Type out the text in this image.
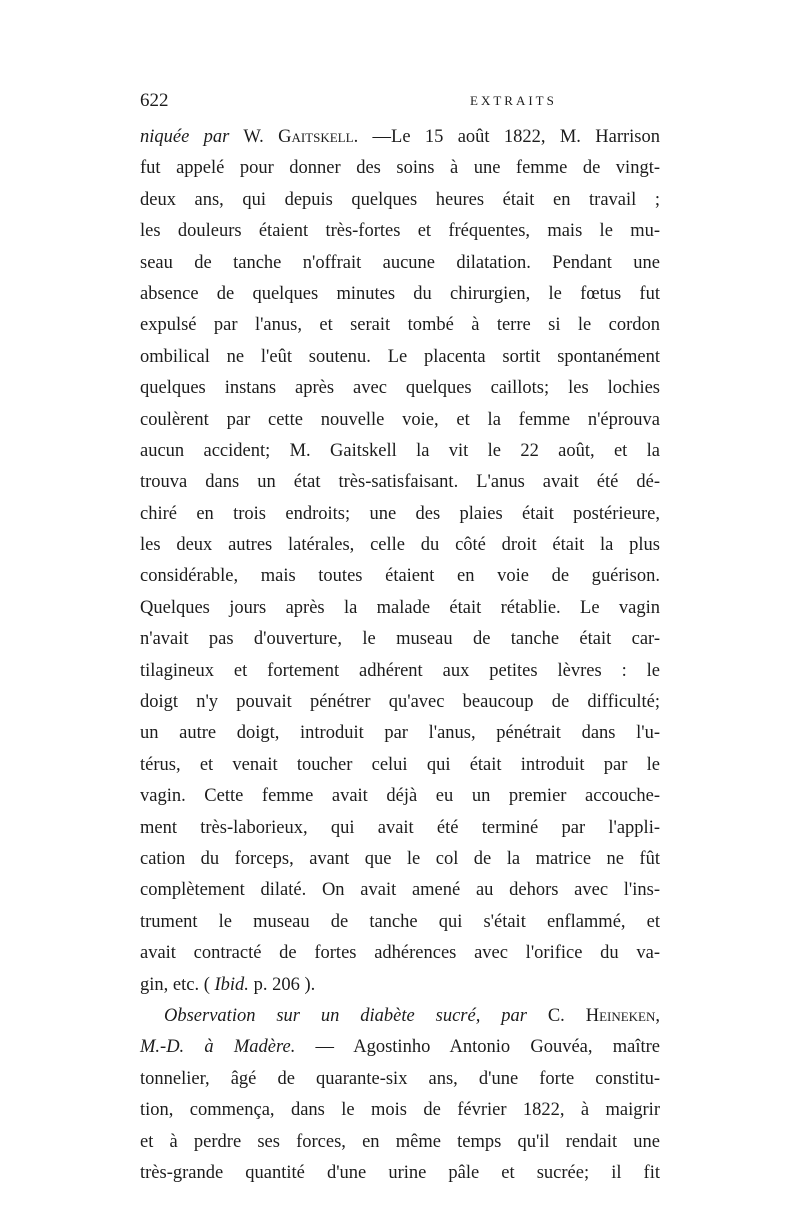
622	EXTRAITS
niquée par W. Gaitskell. —Le 15 août 1822, M. Harrison
fut appelé pour donner des soins à une femme de vingt-
deux ans, qui depuis quelques heures était en travail ;
les douleurs étaient très-fortes et fréquentes, mais le mu-
seau de tanche n'offrait aucune dilatation. Pendant une
absence de quelques minutes du chirurgien, le fœtus fut
expulsé par l'anus, et serait tombé à terre si le cordon
ombilical ne l'eût soutenu. Le placenta sortit spontanément
quelques instans après avec quelques caillots; les lochies
coulèrent par cette nouvelle voie, et la femme n'éprouva
aucun accident; M. Gaitskell la vit le 22 août, et la
trouva dans un état très-satisfaisant. L'anus avait été dé-
chiré en trois endroits; une des plaies était postérieure,
les deux autres latérales, celle du côté droit était la plus
considérable, mais toutes étaient en voie de guérison.
Quelques jours après la malade était rétablie. Le vagin
n'avait pas d'ouverture, le museau de tanche était car-
tilagineux et fortement adhérent aux petites lèvres : le
doigt n'y pouvait pénétrer qu'avec beaucoup de difficulté;
un autre doigt, introduit par l'anus, pénétrait dans l'u-
térus, et venait toucher celui qui était introduit par le
vagin. Cette femme avait déjà eu un premier accouche-
ment très-laborieux, qui avait été terminé par l'appli-
cation du forceps, avant que le col de la matrice ne fût
complètement dilaté. On avait amené au dehors avec l'ins-
trument le museau de tanche qui s'était enflammé, et
avait contracté de fortes adhérences avec l'orifice du va-
gin, etc. ( Ibid. p. 206 ).
Observation sur un diabète sucré, par C. Heineken,
M.-D. à Madère. — Agostinho Antonio Gouvéa, maître
tonnelier, âgé de quarante-six ans, d'une forte constitu-
tion, commença, dans le mois de février 1822, à maigrir
et à perdre ses forces, en même temps qu'il rendait une
très-grande quantité d'une urine pâle et sucrée; il fit
